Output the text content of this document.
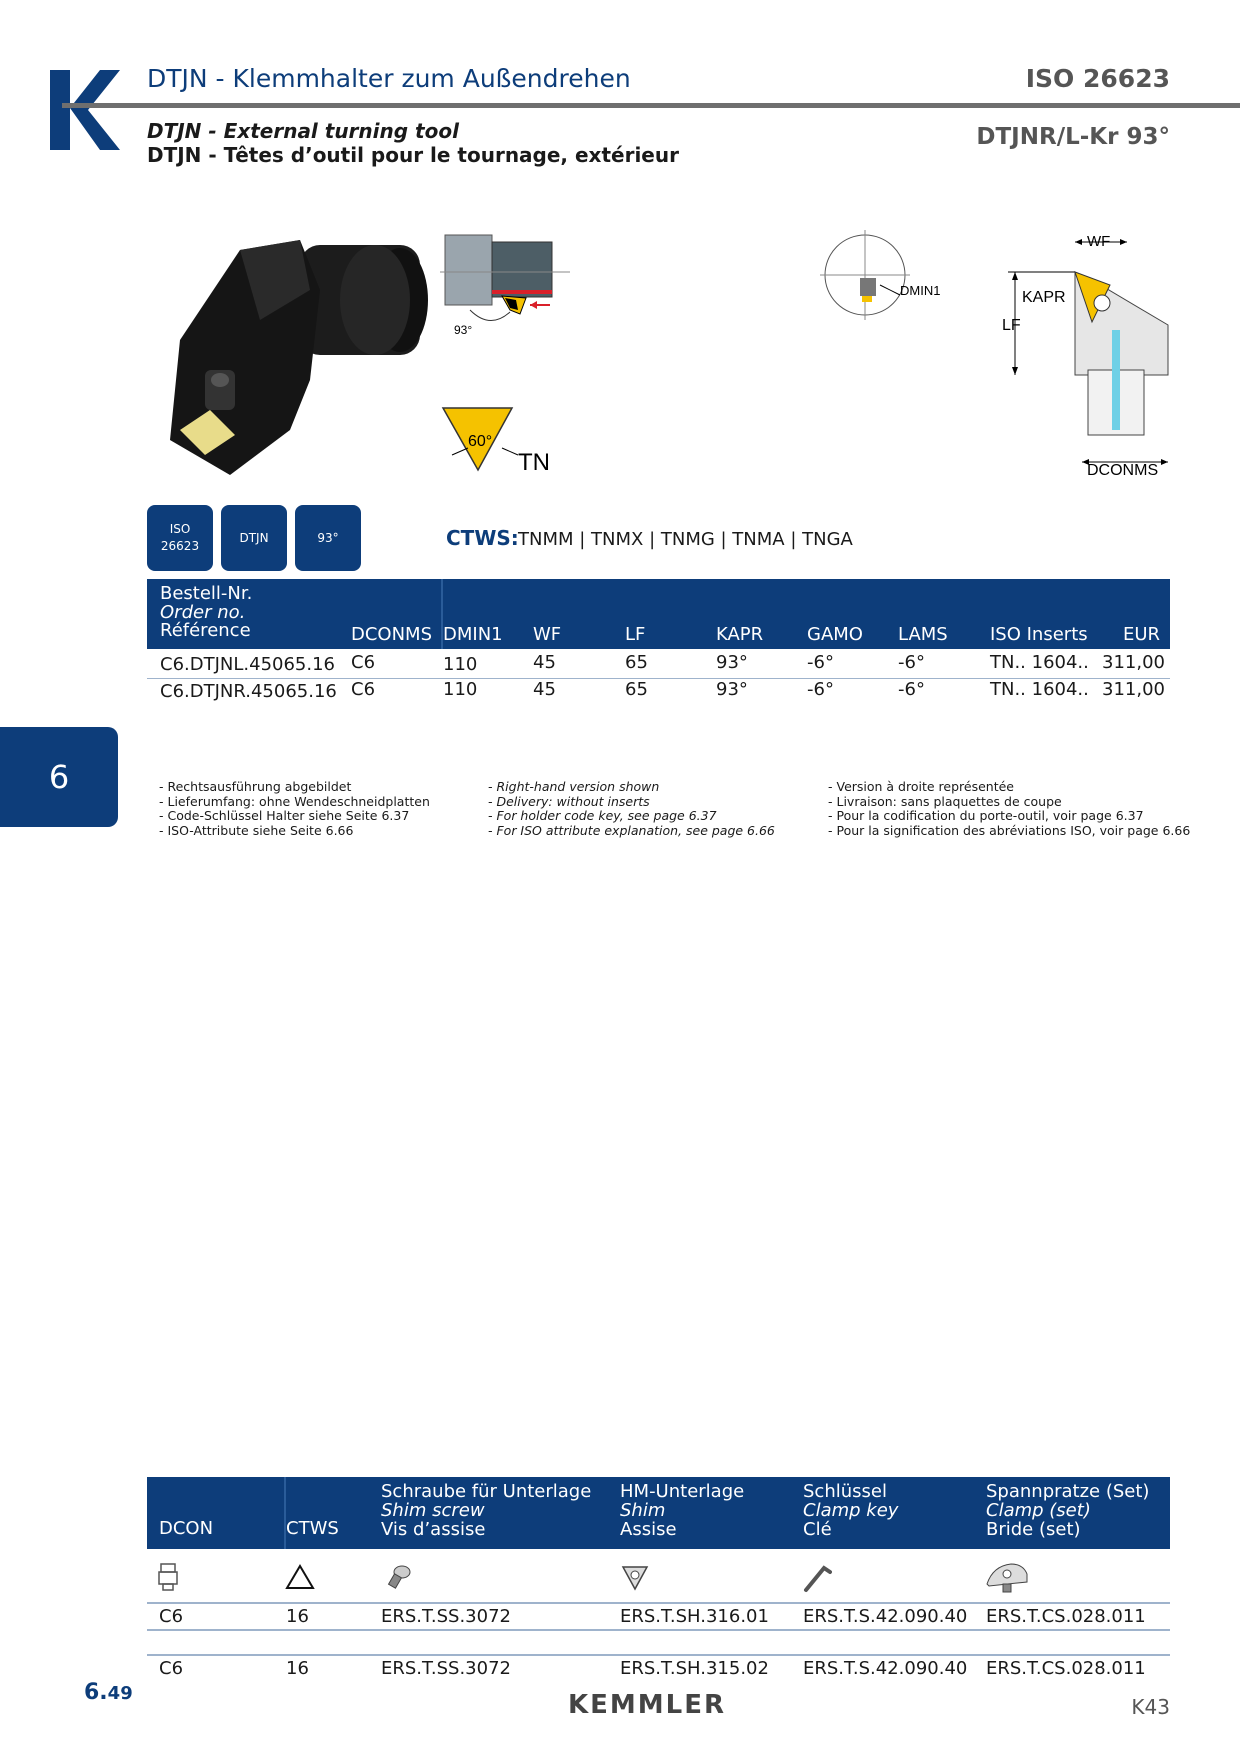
DTJN - Klemmhalter zum Außendrehen	ISO 26623
DTJN - External turning tool
DTJN - Têtes d’outil pour le tournage, extérieur
DTJNR/L-Kr 93°
93°
60°
TN
DMIN1
WF
KAPR
LF
DCONMS
ISO
26623
DTJN	93°	CTWS: TNMM | TNMX | TNMG | TNMA | TNGA
Bestell-Nr.
Order no.
Référence	DCONMS DMIN1 WF	LF	KAPR GAMO LAMS ISO Inserts EUR
C6.DTJNL.45065.16 C6	110	45	65	93°	-6°	-6°	TN.. 1604.. 311,00
C6.DTJNR.45065.16 C6	110	45	65	93°	-6°	-6°	TN.. 1604.. 311,00
6	- Rechtsausführung abgebildet
- Lieferumfang: ohne Wendeschneidplatten
- Code-Schlüssel Halter siehe Seite 6.37
- ISO-Attribute siehe Seite 6.66
- Right-hand version shown
- Delivery: without inserts
- For holder code key, see page 6.37
- For ISO attribute explanation, see page 6.66
- Version à droite représentée
- Livraison: sans plaquettes de coupe
- Pour la codification du porte-outil, voir page 6.37
- Pour la signification des abréviations ISO, voir page 6.66
DCON	CTWS
Schraube für Unterlage
Shim screw
Vis d’assise
HM-Unterlage
Shim
Assise
Schlüssel
Clamp key
Clé
Spannpratze (Set)
Clamp (set)
Bride (set)
C6	16	ERS.T.SS.3072	ERS.T.SH.316.01 ERS.T.S.42.090.40 ERS.T.CS.028.011
C6	16	ERS.T.SS.3072	ERS.T.SH.315.02 ERS.T.S.42.090.40 ERS.T.CS.028.011
6.49	KEMMLER	K43
